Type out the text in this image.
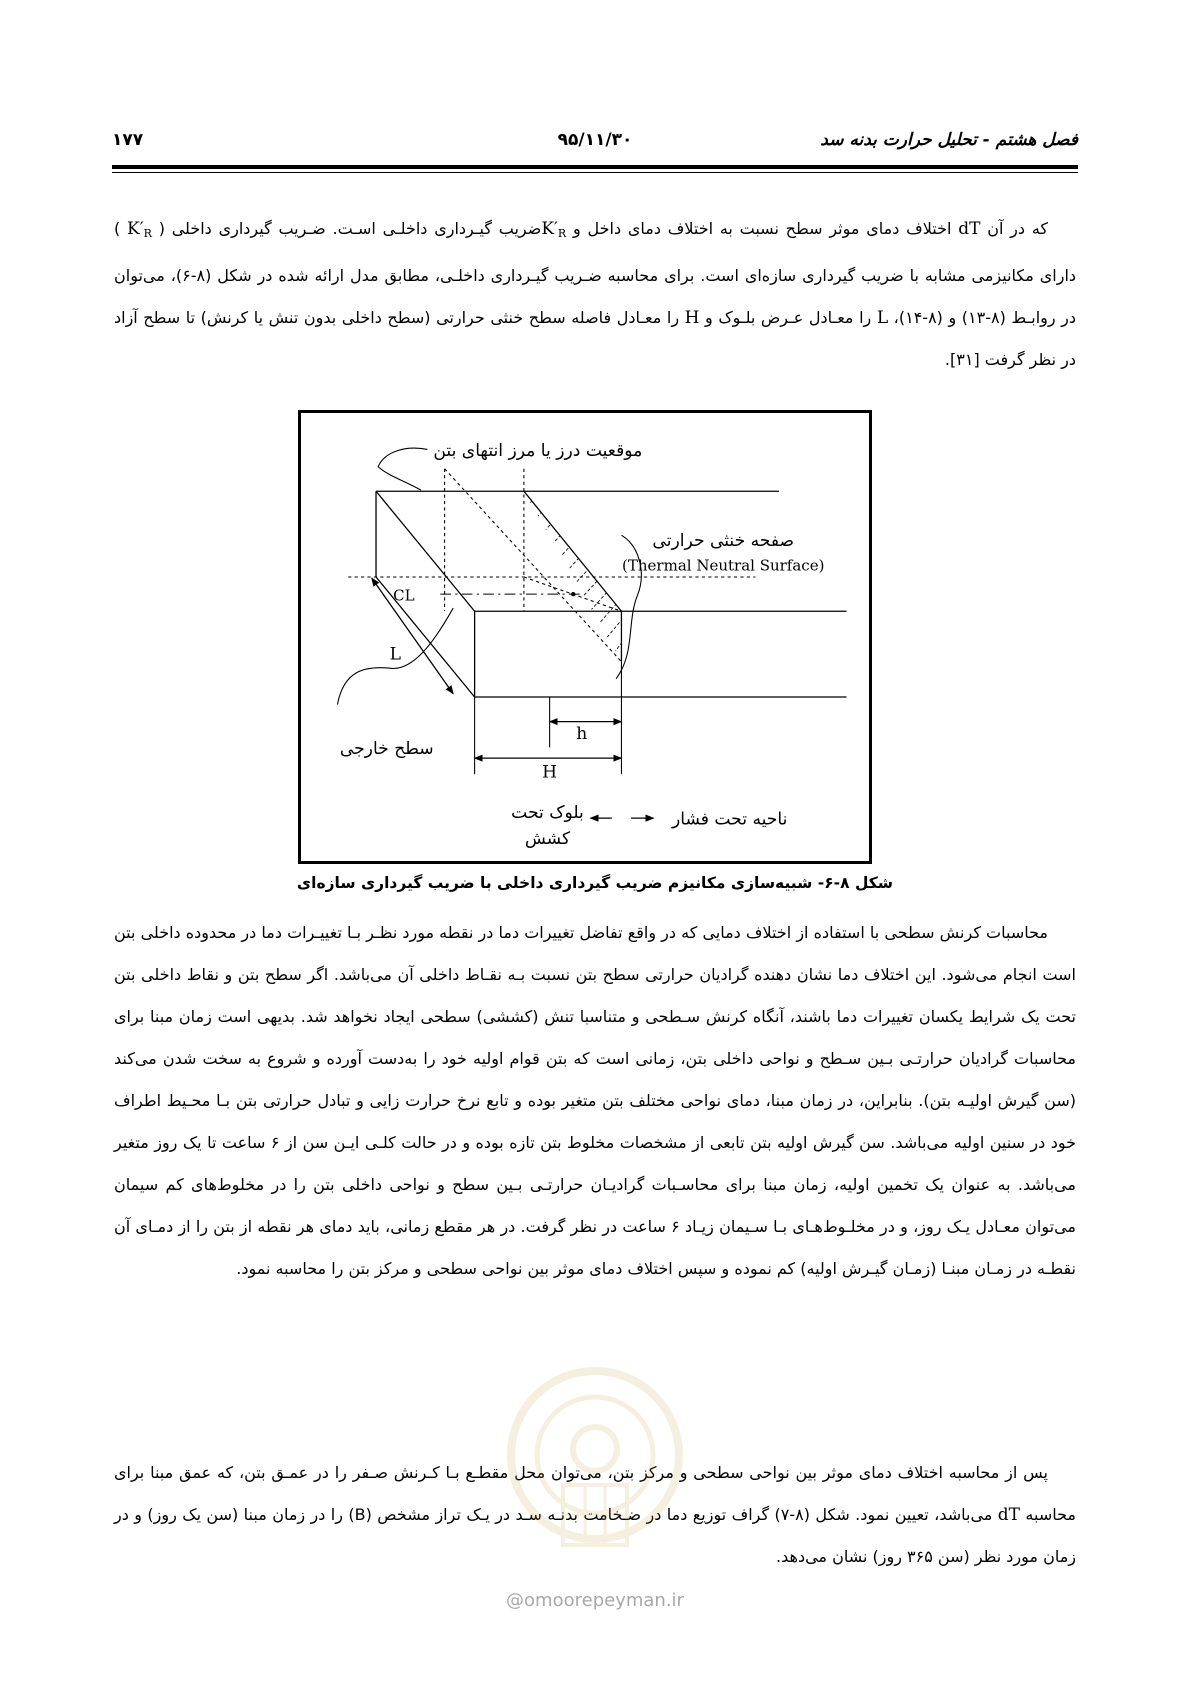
فصل هشتم - تحلیل حرارت بدنه سد
۹۵/۱۱/۳۰
۱۷۷

که در آن dT اختلاف دمای موثر سطح نسبت به اختلاف دمای داخل و $K'_Rضریب$ گیـرداری داخلـی اسـت. ضـریب گیرداری داخلی ( $K'_R$ ) دارای مکانیزمی مشابه با ضریب گیرداری سازه‌ای است. برای محاسبه ضـریب گیـرداری داخلـی، مطابق مدل ارائه شده در شکل (۸-۶)، می‌توان در روابـط (۸-۱۳) و (۸-۱۴)، L را معـادل عـرض بلـوک و H را معـادل فاصله سطح خنثی حرارتی (سطح داخلی بدون تنش یا کرنش) تا سطح آزاد در نظر گرفت [۳۱].

موقعیت درز یا مرز انتهای بتن
صفحه خنثی حرارتی
(Thermal Neutral Surface)
CL
L
h
H
سطح خارجی
بلوک تحت
کشش
ناحیه تحت فشار
شکل ۸-۶- شبیه‌سازی مکانیزم ضریب گیرداری داخلی با ضریب گیرداری سازه‌ای

محاسبات کرنش سطحی با استفاده از اختلاف دمایی که در واقع تفاضل تغییرات دما در نقطه مورد نظـر بـا تغییـرات دما در محدوده داخلی بتن است انجام می‌شود. این اختلاف دما نشان دهنده گرادیان حرارتی سطح بتن نسبت بـه نقـاط داخلی آن می‌باشد. اگر سطح بتن و نقاط داخلی بتن تحت یک شرایط یکسان تغییرات دما باشند، آنگاه کرنش سـطحی و متناسبا تنش (کششی) سطحی ایجاد نخواهد شد. بدیهی است زمان مبنا برای محاسبات گرادیان حرارتـی بـین سـطح و نواحی داخلی بتن، زمانی است که بتن قوام اولیه خود را به‌دست آورده و شروع به سخت شدن می‌کند (سن گیرش اولیـه بتن). بنابراین، در زمان مبنا، دمای نواحی مختلف بتن متغیر بوده و تابع نرخ حرارت زایی و تبادل حرارتی بتن بـا محـیط اطراف خود در سنین اولیه می‌باشد. سن گیرش اولیه بتن تابعی از مشخصات مخلوط بتن تازه بوده و در حالت کلـی ایـن سن از ۶ ساعت تا یک روز متغیر می‌باشد. به عنوان یک تخمین اولیه، زمان مبنا برای محاسـبات گرادیـان حرارتـی بـین سطح و نواحی داخلی بتن را در مخلوط‌های کم سیمان می‌توان معـادل یـک روز، و در مخلـوط‌هـای بـا سـیمان زیـاد ۶ ساعت در نظر گرفت. در هر مقطع زمانی، باید دمای هر نقطه از بتن را از دمـای آن نقطـه در زمـان مبنـا (زمـان گیـرش اولیه) کم نموده و سپس اختلاف دمای موثر بین نواحی سطحی و مرکز بتن را محاسبه نمود.

پس از محاسبه اختلاف دمای موثر بین نواحی سطحی و مرکز بتن، می‌توان محل مقطـع بـا کـرنش صـفر را در عمـق بتن، که عمق مبنا برای محاسبه dT می‌باشد، تعیین نمود. شکل (۸-۷) گراف توزیع دما در ضـخامت بدنـه سـد در یـک تراز مشخص (B) را در زمان مبنا (سن یک روز) و در زمان مورد نظر (سن ۳۶۵ روز) نشان می‌دهد.

@omoorepeyman.ir
